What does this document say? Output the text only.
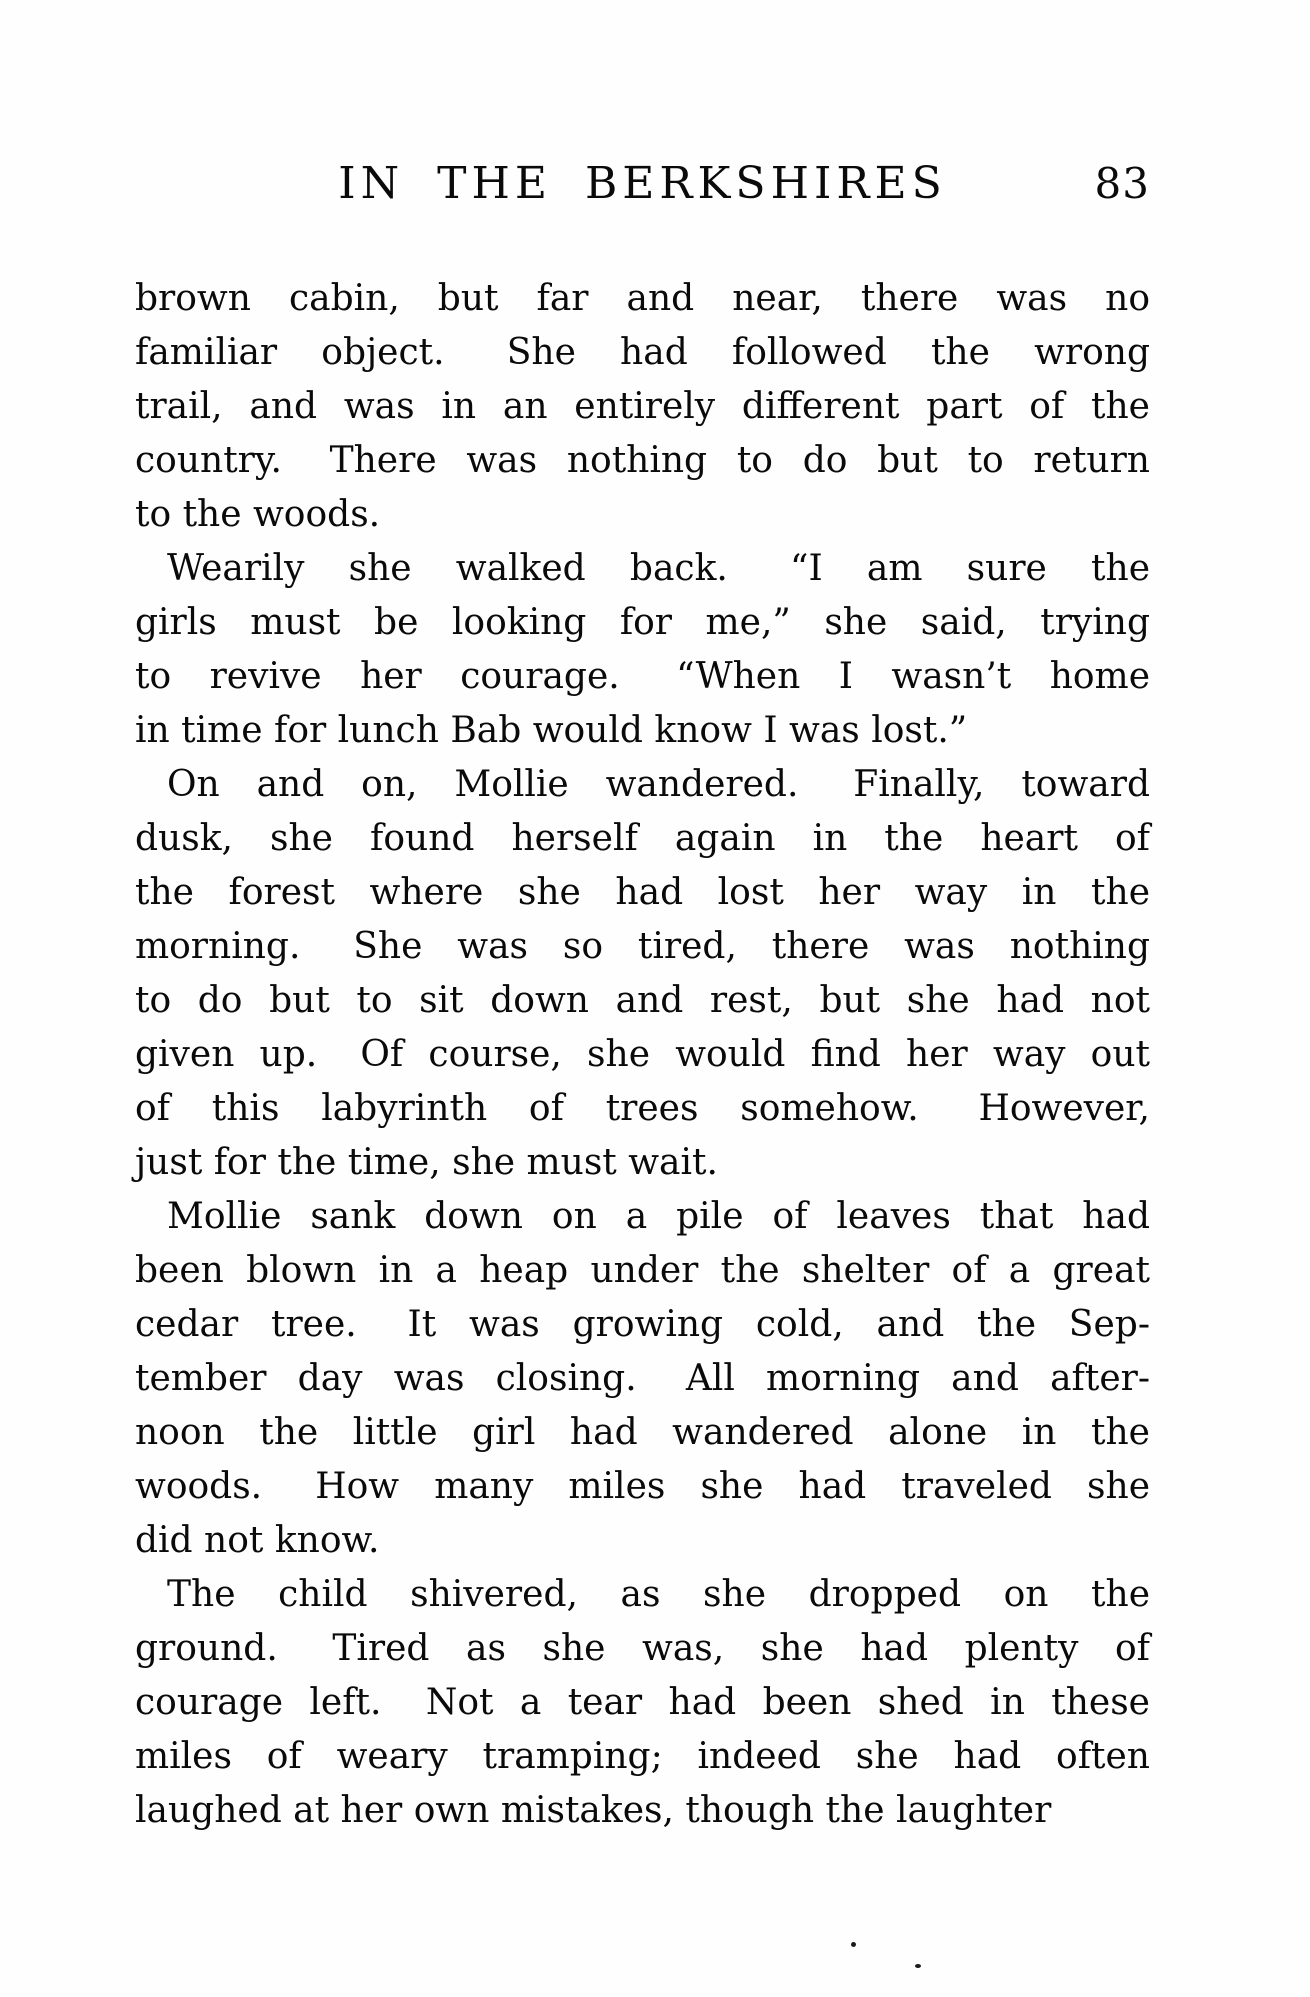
IN THE BERKSHIRES	83
brown cabin, but far and near, there was no
familiar object.  She had followed the wrong
trail, and was in an entirely different part of the
country.  There was nothing to do but to return
to the woods.
Wearily she walked back.  “I am sure the
girls must be looking for me,” she said, trying
to revive her courage.  “When I wasn’t home
in time for lunch Bab would know I was lost.”
On and on, Mollie wandered.  Finally, toward
dusk, she found herself again in the heart of
the forest where she had lost her way in the
morning.  She was so tired, there was nothing
to do but to sit down and rest, but she had not
given up.  Of course, she would find her way out
of this labyrinth of trees somehow.  However,
just for the time, she must wait.
Mollie sank down on a pile of leaves that had
been blown in a heap under the shelter of a great
cedar tree.  It was growing cold, and the Sep-
tember day was closing.  All morning and after-
noon the little girl had wandered alone in the
woods.  How many miles she had traveled she
did not know.
The child shivered, as she dropped on the
ground.  Tired as she was, she had plenty of
courage left.  Not a tear had been shed in these
miles of weary tramping; indeed she had often
laughed at her own mistakes, though the laughter
